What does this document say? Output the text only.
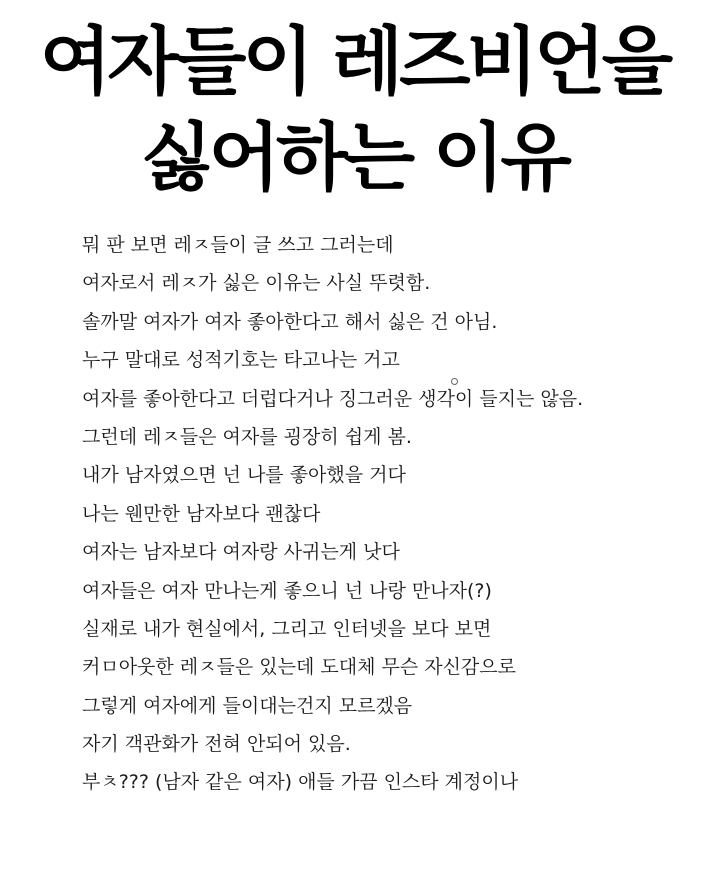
여자들이 레즈비언을
싫어하는 이유
뭐 판 보면 레ㅈ들이 글 쓰고 그러는데
여자로서 레ㅈ가 싫은 이유는 사실 뚜렷함.
솔까말 여자가 여자 좋아한다고 해서 싫은 건 아님.
누구 말대로 성적기호는 타고나는 거고
여자를 좋아한다고 더럽다거나 징그러운 생각이 들지는 않음.
그런데 레ㅈ들은 여자를 굉장히 쉽게 봄.
내가 남자였으면 넌 나를 좋아했을 거다
나는 웬만한 남자보다 괜찮다
여자는 남자보다 여자랑 사귀는게 낫다
여자들은 여자 만나는게 좋으니 넌 나랑 만나자(?)
실재로 내가 현실에서, 그리고 인터넷을 보다 보면
커ㅁ아웃한 레ㅈ들은 있는데 도대체 무슨 자신감으로
그렇게 여자에게 들이대는건지 모르겠음
자기 객관화가 전혀 안되어 있음.
부ㅊ??? (남자 같은 여자) 애들 가끔 인스타 계정이나
